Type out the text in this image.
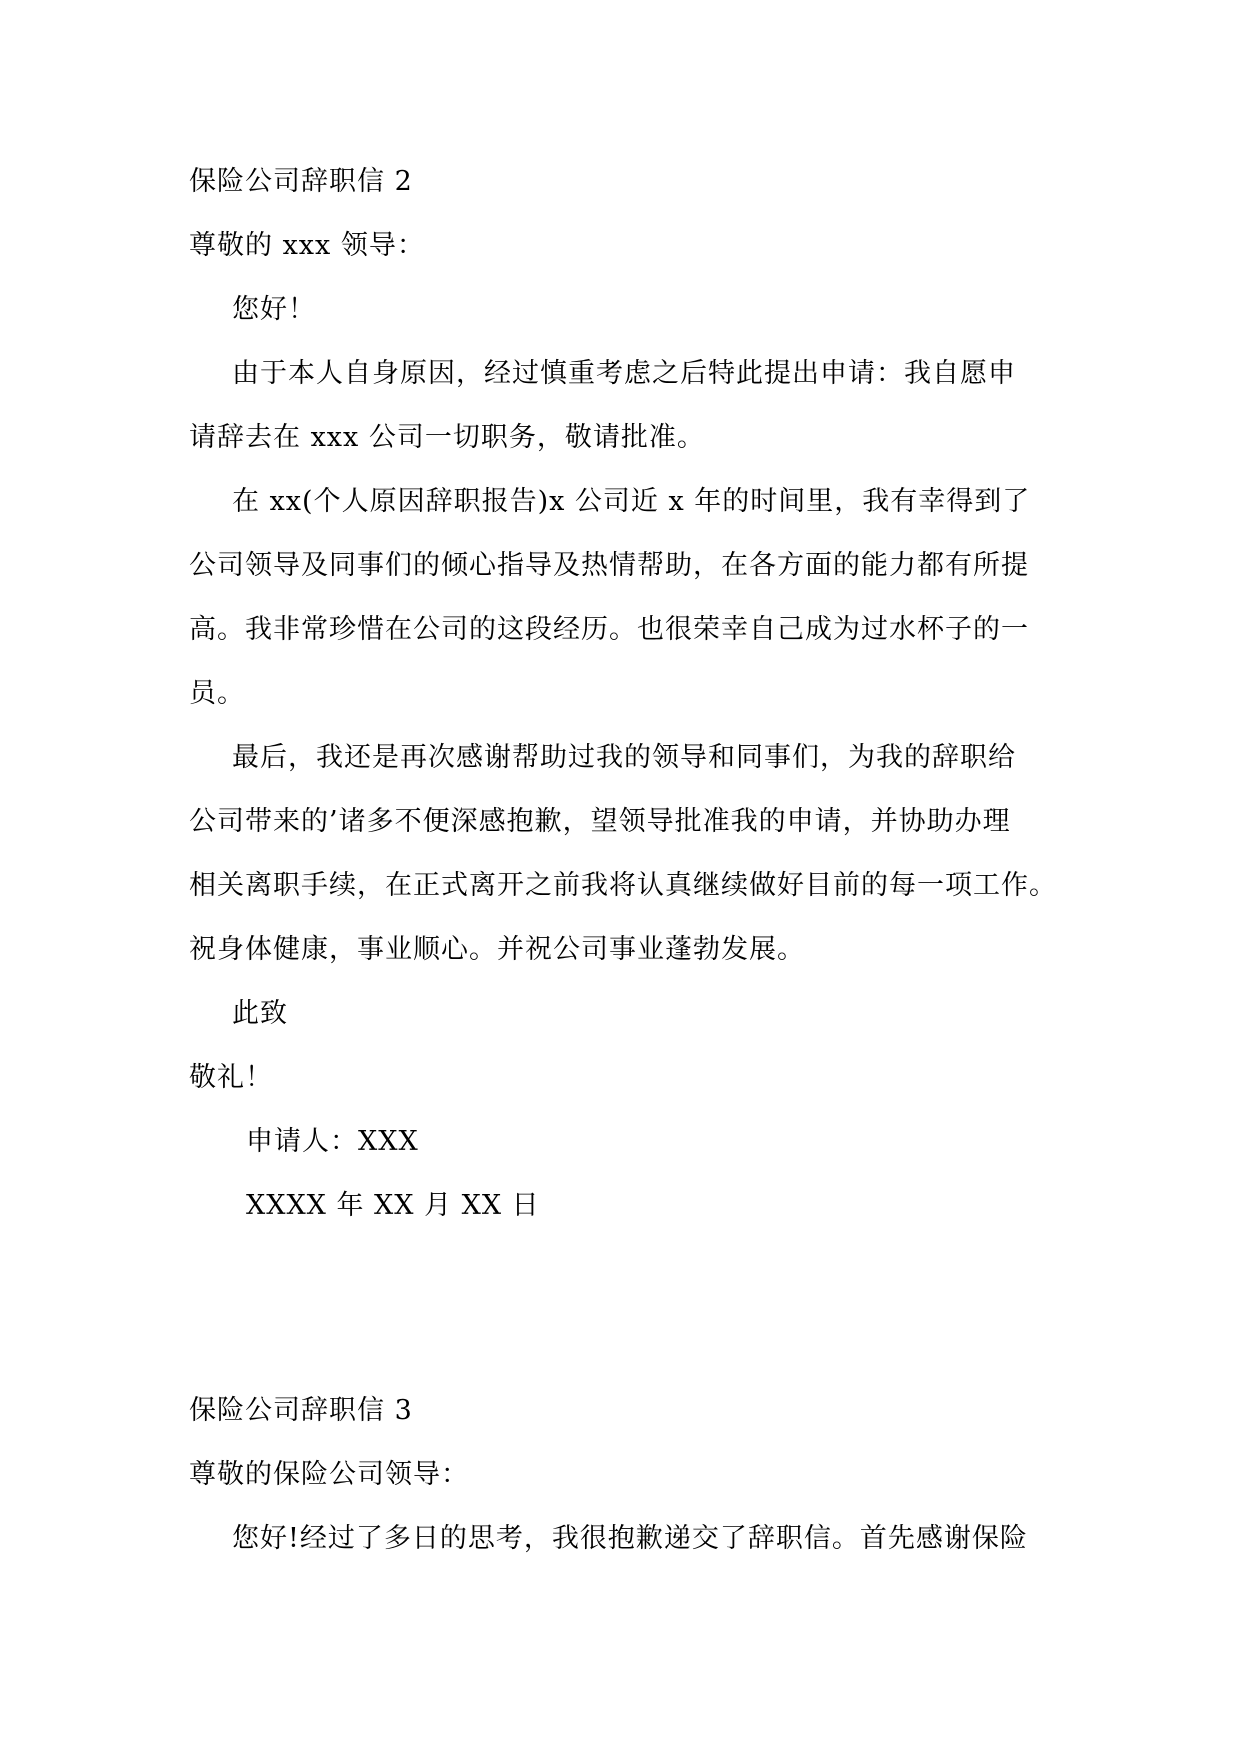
保险公司辞职信 2
尊敬的 xxx 领导：
您好！
由于本人自身原因，经过慎重考虑之后特此提出申请：我自愿申
请辞去在 xxx 公司一切职务，敬请批准。
在 xx(个人原因辞职报告)x 公司近 x 年的时间里，我有幸得到了
公司领导及同事们的倾心指导及热情帮助，在各方面的能力都有所提
高。我非常珍惜在公司的这段经历。也很荣幸自己成为过水杯子的一
员。
最后，我还是再次感谢帮助过我的领导和同事们，为我的辞职给
公司带来的’诸多不便深感抱歉，望领导批准我的申请，并协助办理
相关离职手续，在正式离开之前我将认真继续做好目前的每一项工作。
祝身体健康，事业顺心。并祝公司事业蓬勃发展。
此致
敬礼！
申请人：XXX
XXXX 年 XX 月 XX 日
保险公司辞职信 3
尊敬的保险公司领导：
您好!经过了多日的思考，我很抱歉递交了辞职信。首先感谢保险
